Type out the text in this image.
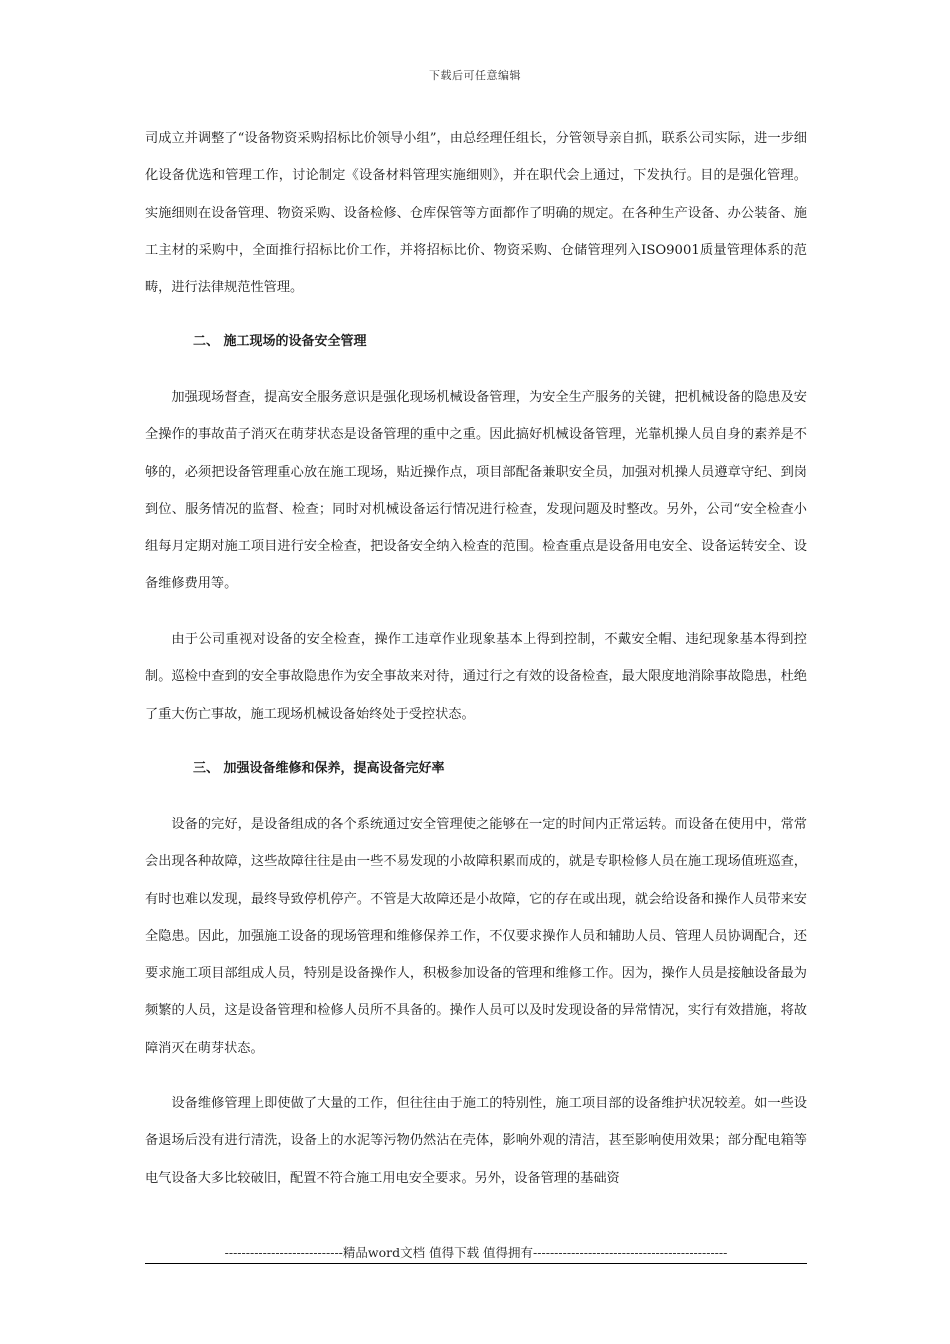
下载后可任意编辑

司成立并调整了“设备物资采购招标比价领导小组”，由总经理任组长，分管领导亲自抓，联系公司实际，进一步细化设备优选和管理工作，讨论制定《设备材料管理实施细则》，并在职代会上通过，下发执行。目的是强化管理。实施细则在设备管理、物资采购、设备检修、仓库保管等方面都作了明确的规定。在各种生产设备、办公装备、施工主材的采购中，全面推行招标比价工作，并将招标比价、物资采购、仓储管理列入ISO9001质量管理体系的范畴，进行法律规范性管理。

二、 施工现场的设备安全管理

加强现场督查，提高安全服务意识是强化现场机械设备管理，为安全生产服务的关键，把机械设备的隐患及安全操作的事故苗子消灭在萌芽状态是设备管理的重中之重。因此搞好机械设备管理，光靠机操人员自身的素养是不够的，必须把设备管理重心放在施工现场，贴近操作点，项目部配备兼职安全员，加强对机操人员遵章守纪、到岗到位、服务情况的监督、检查；同时对机械设备运行情况进行检查，发现问题及时整改。另外，公司“安全检查小组每月定期对施工项目进行安全检查，把设备安全纳入检查的范围。检查重点是设备用电安全、设备运转安全、设备维修费用等。

由于公司重视对设备的安全检查，操作工违章作业现象基本上得到控制，不戴安全帽、违纪现象基本得到控制。巡检中查到的安全事故隐患作为安全事故来对待，通过行之有效的设备检查，最大限度地消除事故隐患，杜绝了重大伤亡事故，施工现场机械设备始终处于受控状态。

三、 加强设备维修和保养，提高设备完好率

设备的完好，是设备组成的各个系统通过安全管理使之能够在一定的时间内正常运转。而设备在使用中，常常会出现各种故障，这些故障往往是由一些不易发现的小故障积累而成的，就是专职检修人员在施工现场值班巡查，有时也难以发现，最终导致停机停产。不管是大故障还是小故障，它的存在或出现，就会给设备和操作人员带来安全隐患。因此，加强施工设备的现场管理和维修保养工作，不仅要求操作人员和辅助人员、管理人员协调配合，还要求施工项目部组成人员，特别是设备操作人，积极参加设备的管理和维修工作。因为，操作人员是接触设备最为频繁的人员，这是设备管理和检修人员所不具备的。操作人员可以及时发现设备的异常情况，实行有效措施，将故障消灭在萌芽状态。

设备维修管理上即使做了大量的工作，但往往由于施工的特别性，施工项目部的设备维护状况较差。如一些设备退场后没有进行清洗，设备上的水泥等污物仍然沾在壳体，影响外观的清洁，甚至影响使用效果；部分配电箱等电气设备大多比较破旧，配置不符合施工用电安全要求。另外，设备管理的基础资

----------------------------精品word文档 值得下载 值得拥有----------------------------------------------
